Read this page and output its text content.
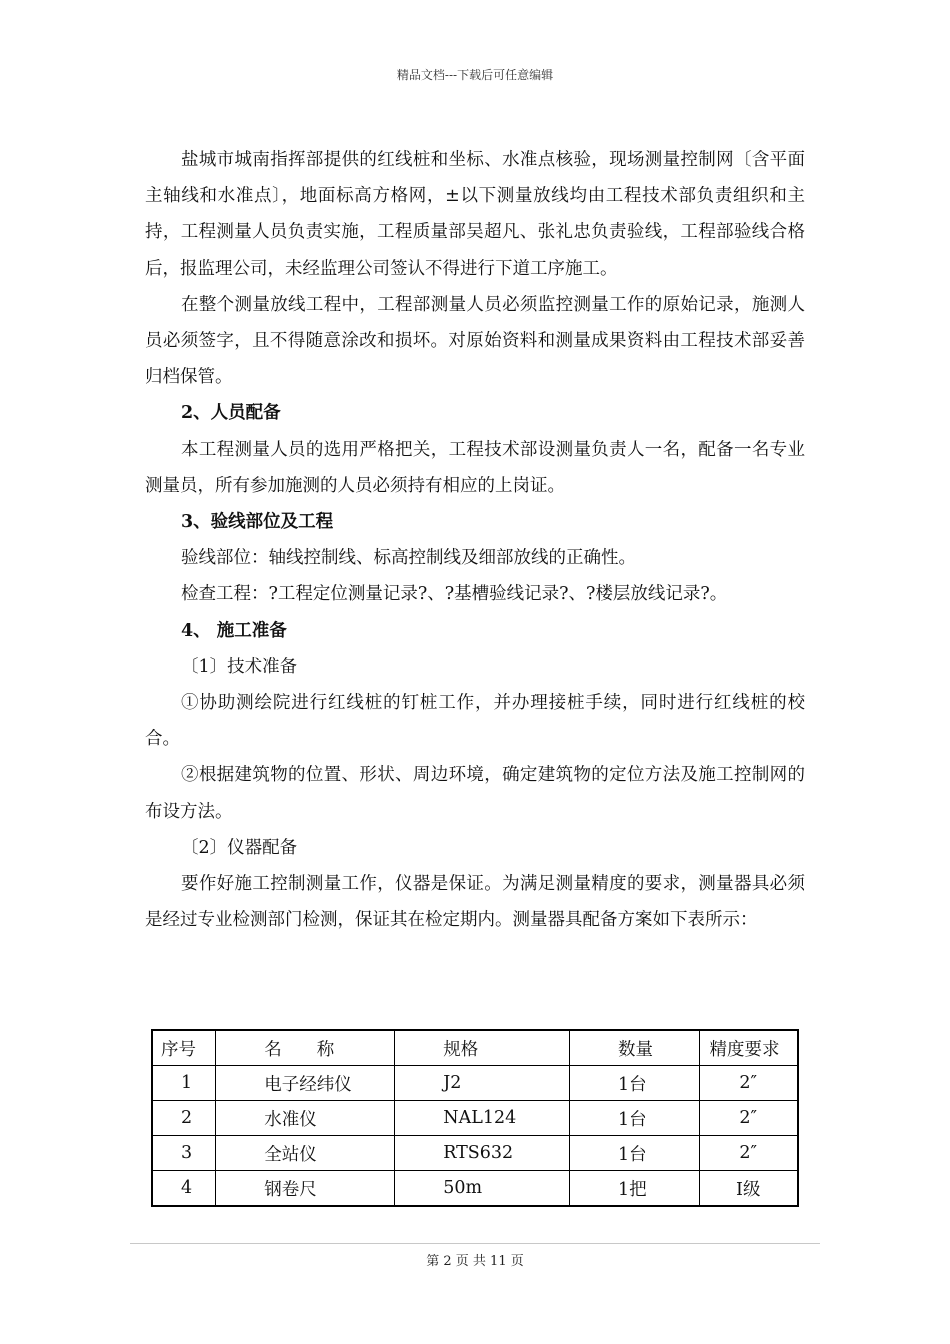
精品文档---下载后可任意编辑

盐城市城南指挥部提供的红线桩和坐标、水准点核验，现场测量控制网〔含平面主轴线和水准点〕，地面标高方格网，±以下测量放线均由工程技术部负责组织和主持，工程测量人员负责实施，工程质量部吴超凡、张礼忠负责验线，工程部验线合格后，报监理公司，未经监理公司签认不得进行下道工序施工。

在整个测量放线工程中，工程部测量人员必须监控测量工作的原始记录，施测人员必须签字，且不得随意涂改和损坏。对原始资料和测量成果资料由工程技术部妥善归档保管。

2、人员配备

本工程测量人员的选用严格把关，工程技术部设测量负责人一名，配备一名专业测量员，所有参加施测的人员必须持有相应的上岗证。

3、验线部位及工程

验线部位：轴线控制线、标高控制线及细部放线的正确性。

检查工程：?工程定位测量记录?、?基槽验线记录?、?楼层放线记录?。

4、 施工准备

〔1〕技术准备

①协助测绘院进行红线桩的钉桩工作，并办理接桩手续，同时进行红线桩的校合。

②根据建筑物的位置、形状、周边环境，确定建筑物的定位方法及施工控制网的布设方法。

〔2〕仪器配备

要作好施工控制测量工作，仪器是保证。为满足测量精度的要求，测量器具必须是经过专业检测部门检测，保证其在检定期内。测量器具配备方案如下表所示：

序号	名　　称	规格	数量	精度要求
1	电子经纬仪	J2	1台	2″
2	水准仪	NAL124	1台	2″
3	全站仪	RTS632	1台	2″
4	钢卷尺	50m	1把	I级
第 2 页 共 11 页
